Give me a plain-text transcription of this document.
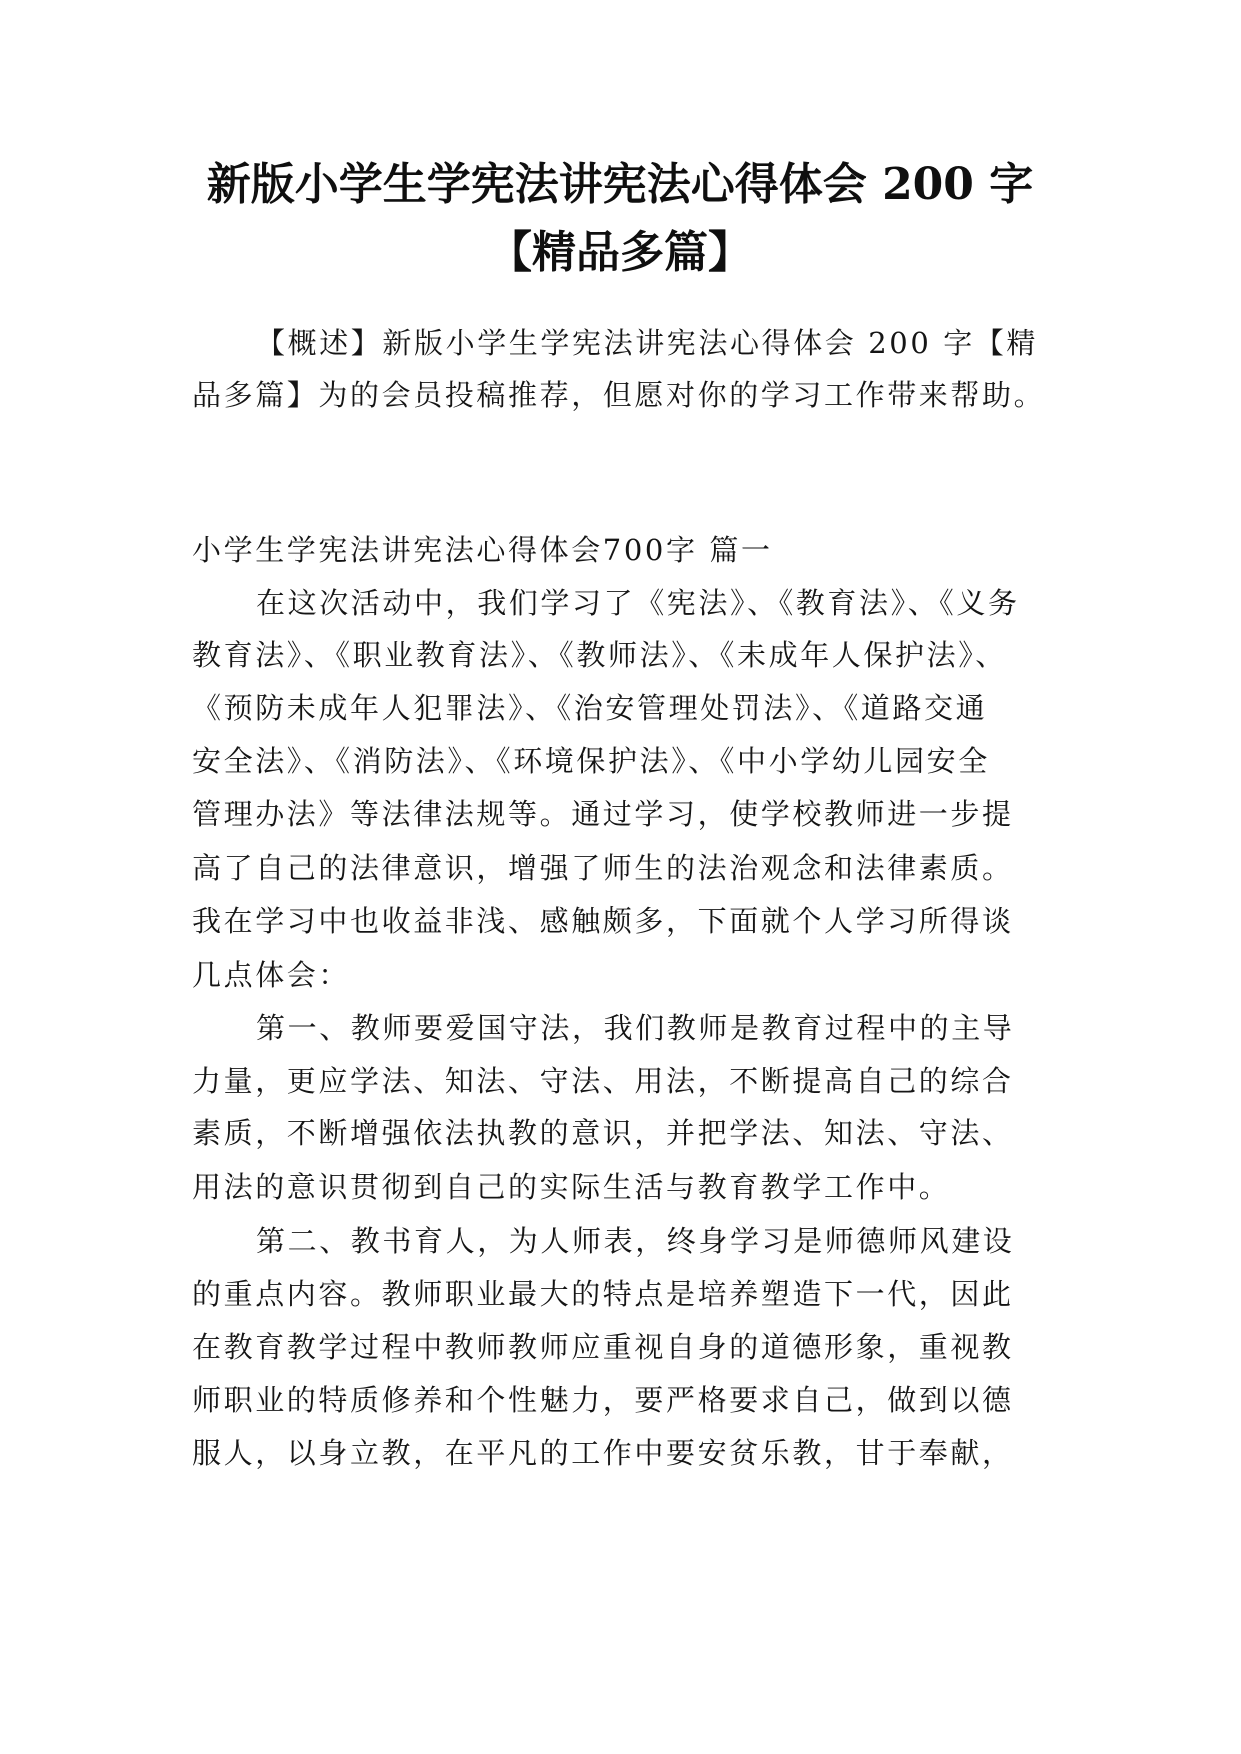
新版小学生学宪法讲宪法心得体会 200 字
【精品多篇】
【概述】新版小学生学宪法讲宪法心得体会 200 字【精
品多篇】为的会员投稿推荐，但愿对你的学习工作带来帮助。
小学生学宪法讲宪法心得体会700字 篇一
在这次活动中，我们学习了《宪法》、《教育法》、《义务
教育法》、《职业教育法》、《教师法》、《未成年人保护法》、
《预防未成年人犯罪法》、《治安管理处罚法》、《道路交通
安全法》、《消防法》、《环境保护法》、《中小学幼儿园安全
管理办法》等法律法规等。通过学习，使学校教师进一步提
高了自己的法律意识，增强了师生的法治观念和法律素质。
我在学习中也收益非浅、感触颇多，下面就个人学习所得谈
几点体会：
第一、教师要爱国守法，我们教师是教育过程中的主导
力量，更应学法、知法、守法、用法，不断提高自己的综合
素质，不断增强依法执教的意识，并把学法、知法、守法、
用法的意识贯彻到自己的实际生活与教育教学工作中。
第二、教书育人，为人师表，终身学习是师德师风建设
的重点内容。教师职业最大的特点是培养塑造下一代，因此
在教育教学过程中教师教师应重视自身的道德形象，重视教
师职业的特质修养和个性魅力，要严格要求自己，做到以德
服人，以身立教，在平凡的工作中要安贫乐教，甘于奉献，
